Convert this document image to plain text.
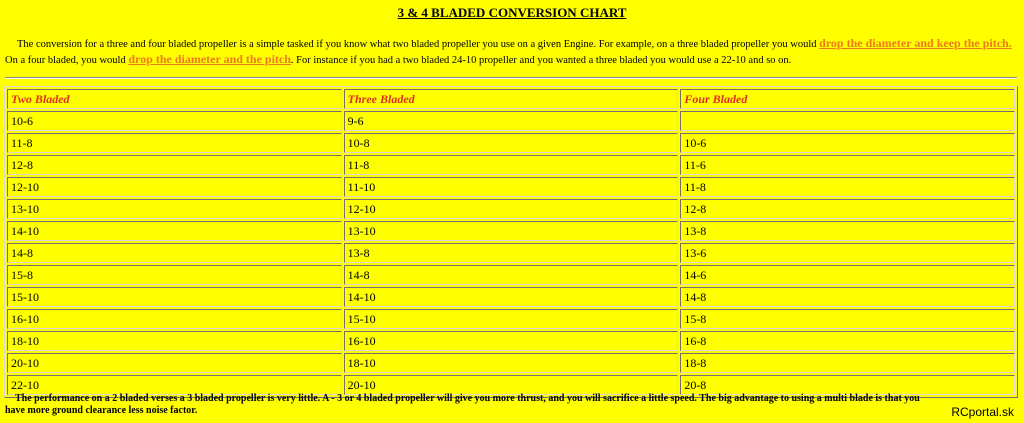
3 & 4 BLADED CONVERSION CHART
The conversion for a three and four bladed propeller is a simple tasked if you know what two bladed propeller you use on a given Engine. For example, on a three bladed propeller you would drop the diameter and keep the pitch. On a four bladed, you would drop the diameter and the pitch. For instance if you had a two bladed 24-10 propeller and you wanted a three bladed you would use a 22-10 and so on.
Two Bladed	Three Bladed	Four Bladed
10-6	9-6	
11-8	10-8	10-6
12-8	11-8	11-6
12-10	11-10	11-8
13-10	12-10	12-8
14-10	13-10	13-8
14-8	13-8	13-6
15-8	14-8	14-6
15-10	14-10	14-8
16-10	15-10	15-8
18-10	16-10	16-8
20-10	18-10	18-8
22-10	20-10	20-8
The performance on a 2 bladed verses a 3 bladed propeller is very little. A - 3 or 4 bladed propeller will give you more thrust, and you will sacrifice a little speed. The big advantage to using a multi blade is that you have more ground clearance less noise factor.	RCportal.sk
